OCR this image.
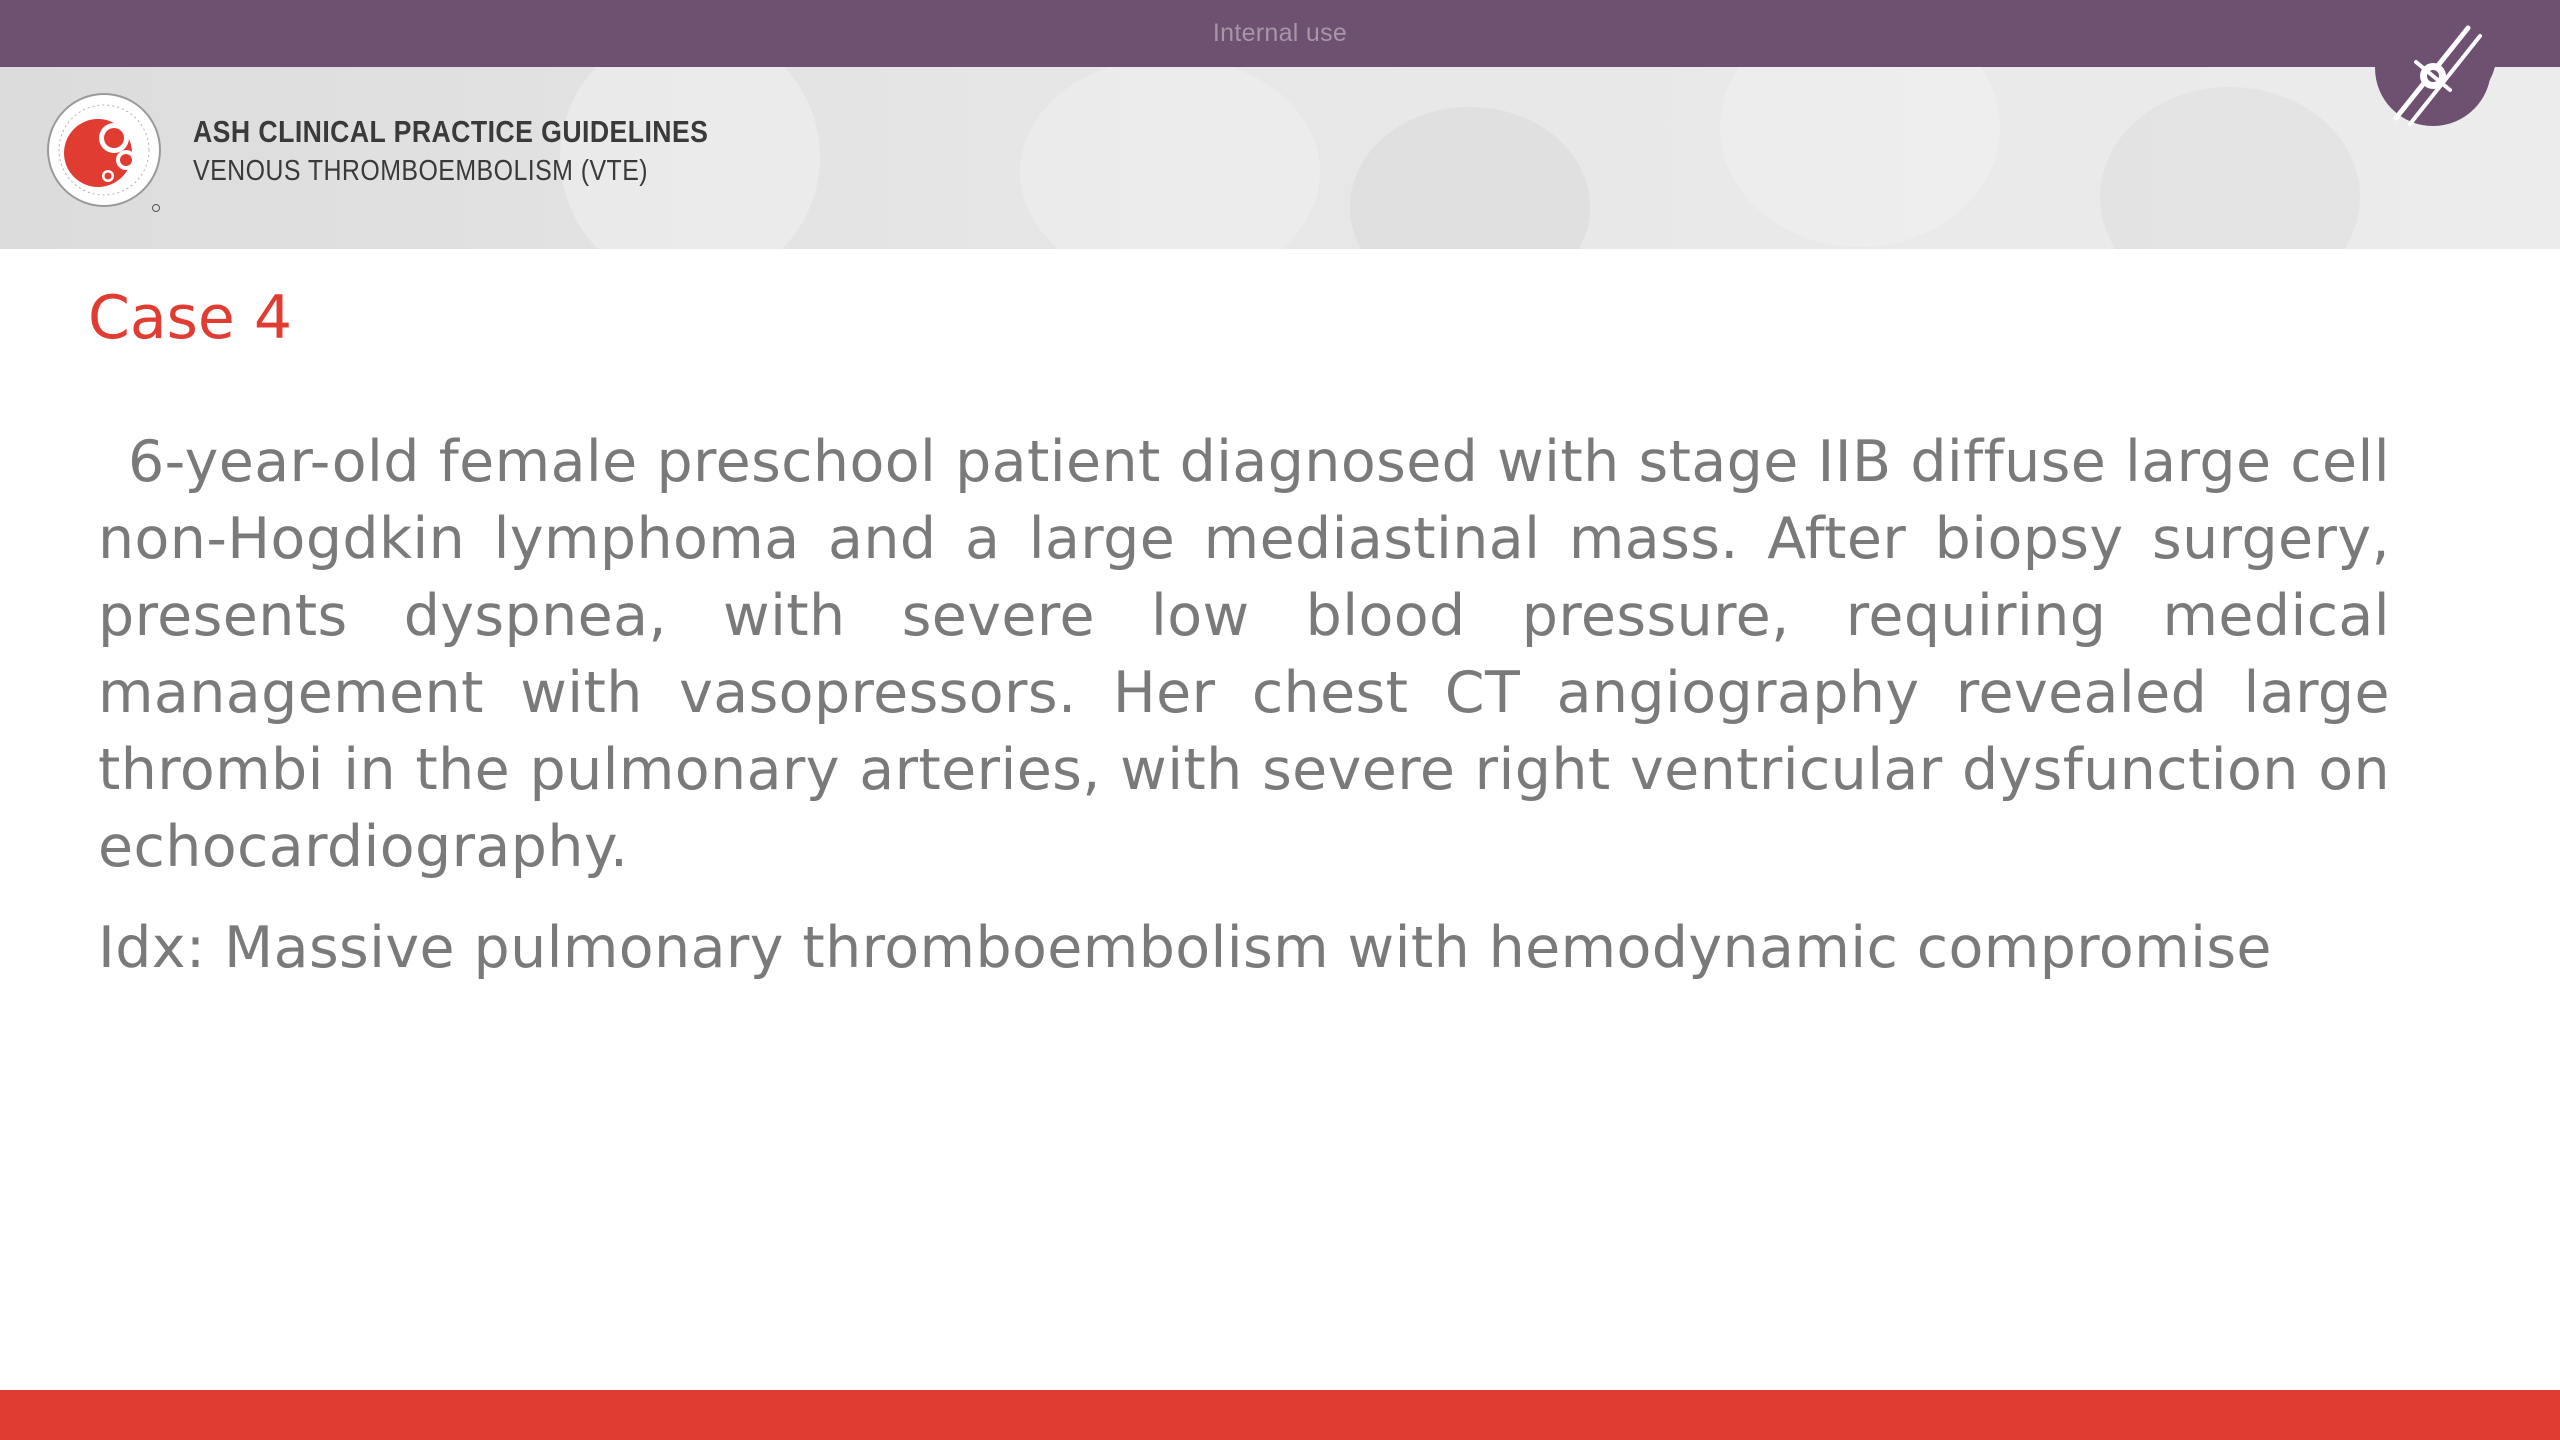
Internal use
ASH CLINICAL PRACTICE GUIDELINES
VENOUS THROMBOEMBOLISM (VTE)
Case 4

6-year-old female preschool patient diagnosed with stage IIB diffuse large cell non-Hogdkin lymphoma and a large mediastinal mass. After biopsy surgery, presents dyspnea, with severe low blood pressure, requiring medical management with vasopressors. Her chest CT angiography revealed large thrombi in the pulmonary arteries, with severe right ventricular dysfunction on echocardiography.

Idx: Massive pulmonary thromboembolism with hemodynamic compromise
